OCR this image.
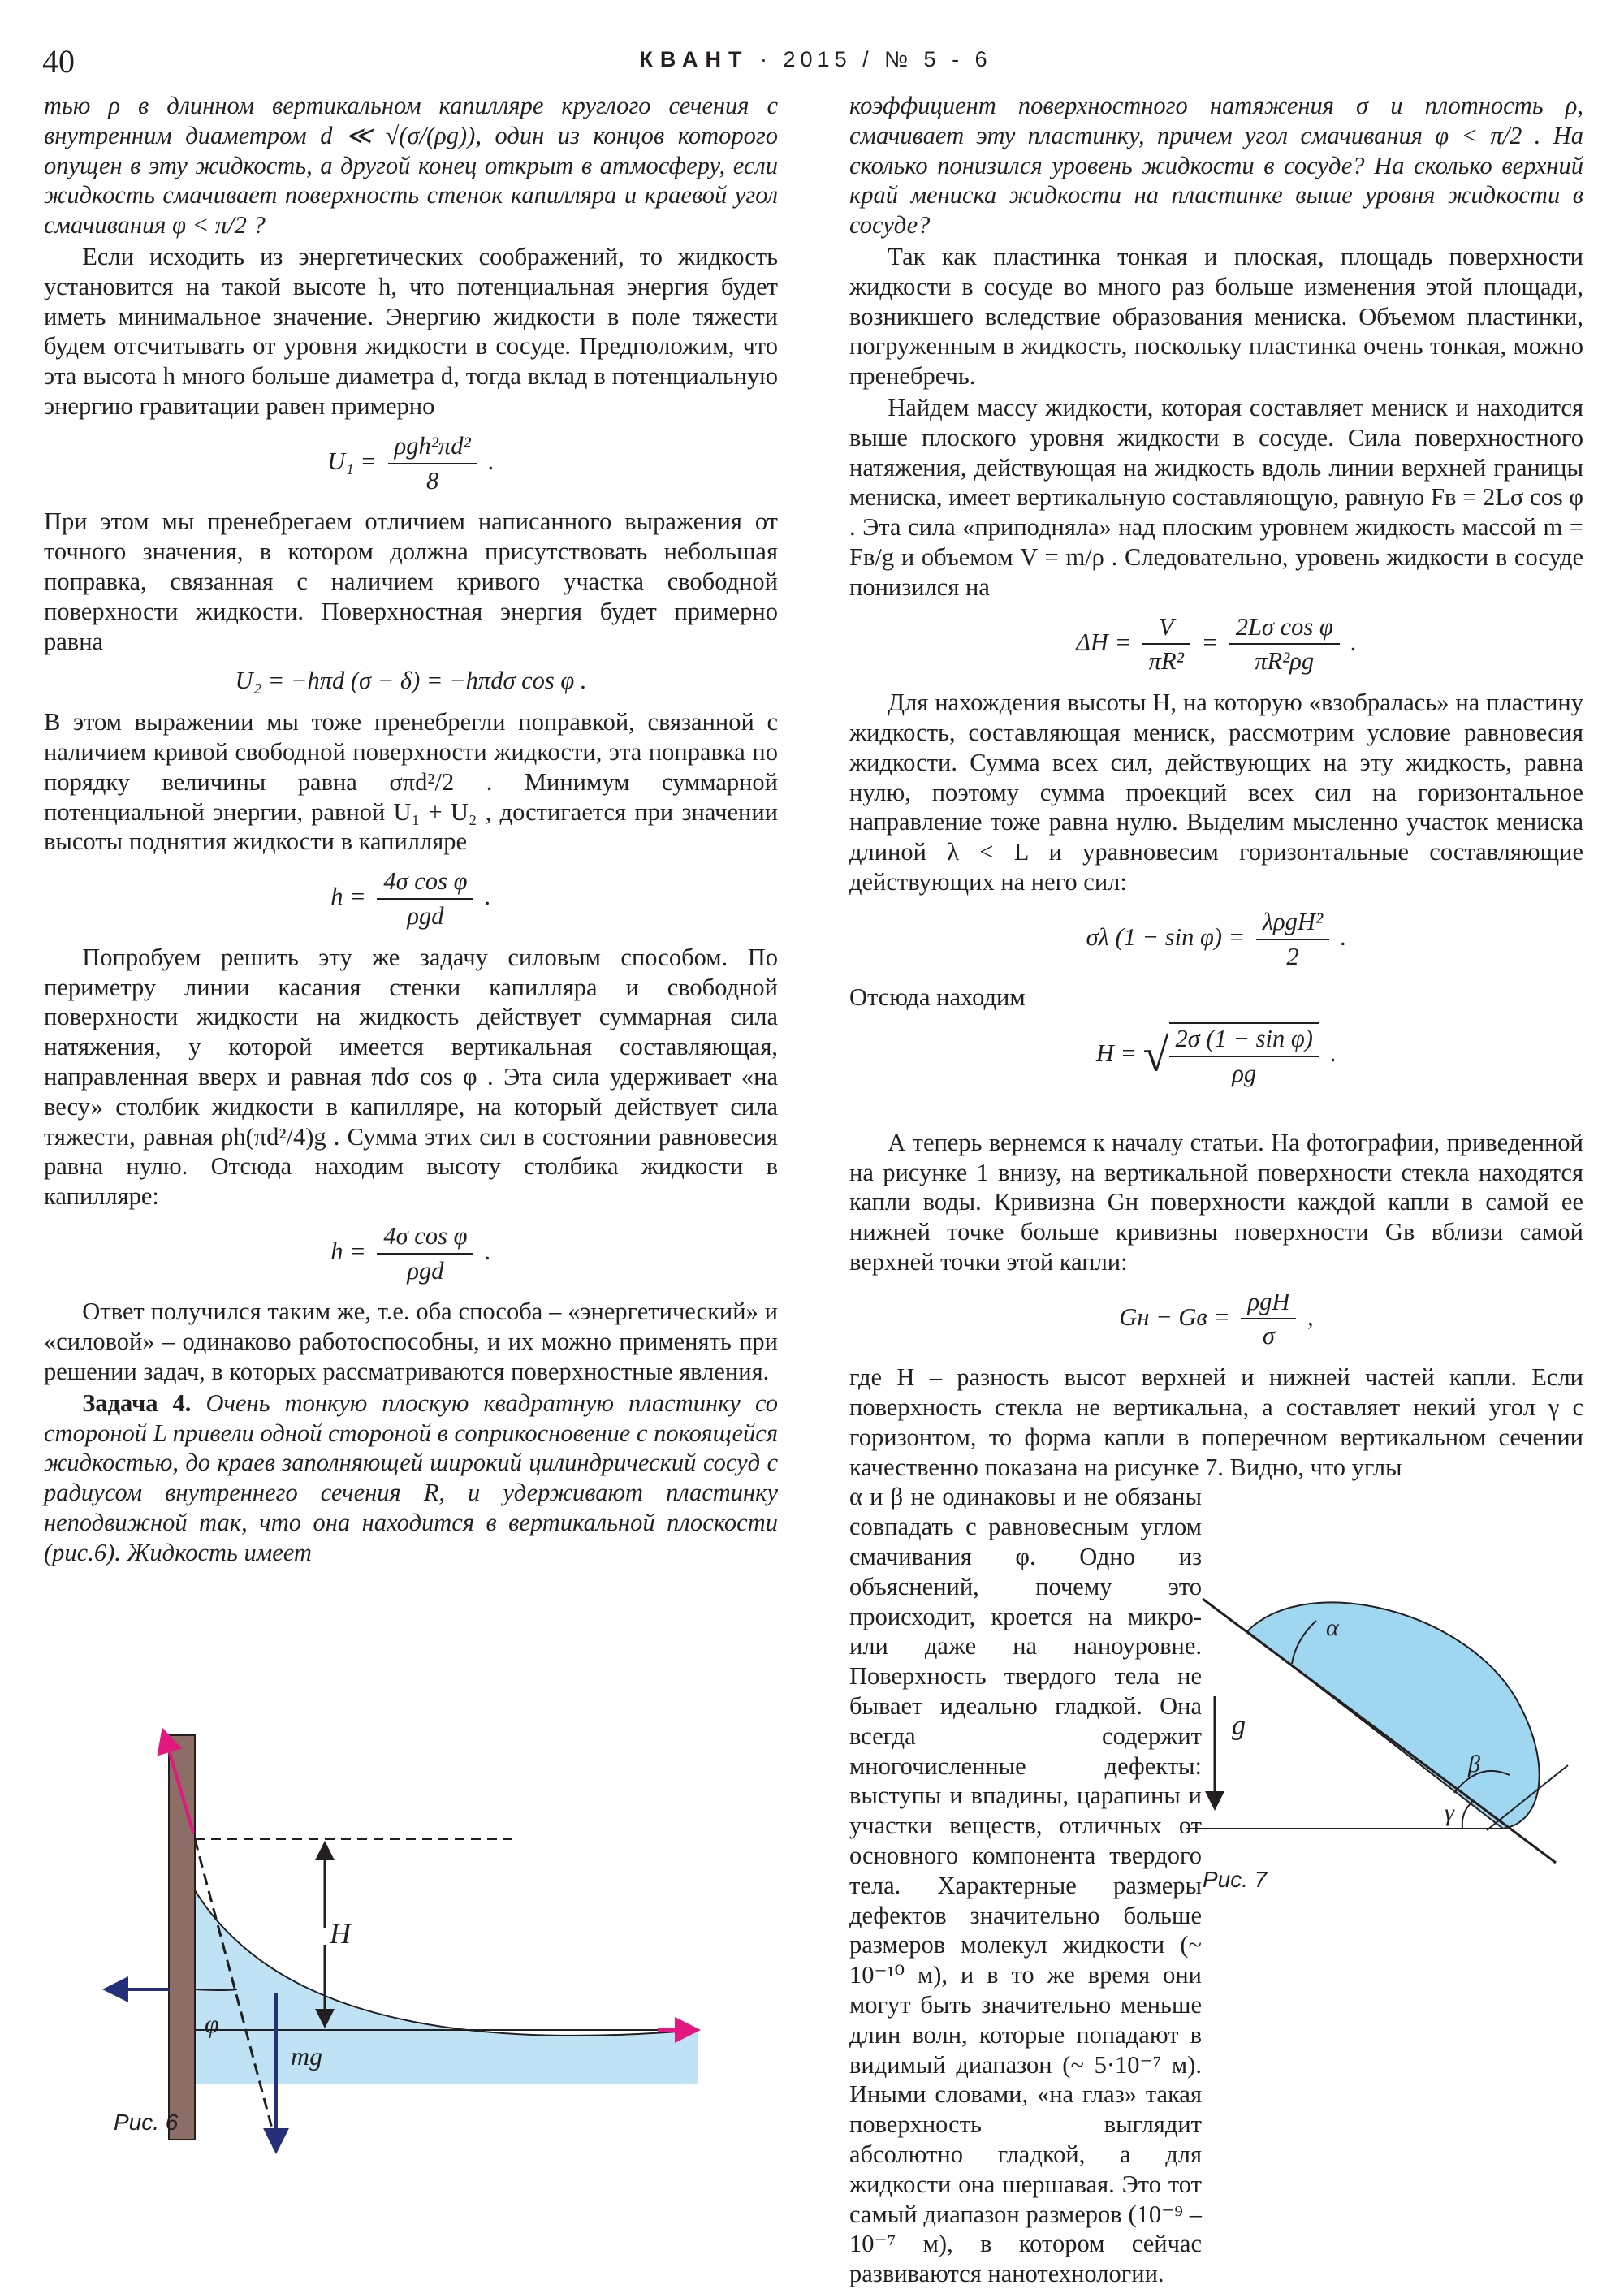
40	КВАНТ · 2015 / № 5 - 6

тью ρ в длинном вертикальном капилляре круглого сечения с внутренним диаметром d ≪ √(σ/(ρg)), один из концов которого опущен в эту жидкость, а другой конец открыт в атмосферу, если жидкость смачивает поверхность стенок капилляра и краевой угол смачивания φ < π/2 ?

Если исходить из энергетических соображений, то жидкость установится на такой высоте h, что потенциальная энергия будет иметь минимальное значение. Энергию жидкости в поле тяжести будем отсчитывать от уровня жидкости в сосуде. Предположим, что эта высота h много больше диаметра d, тогда вклад в потенциальную энергию гравитации равен примерно

$U_1 = \frac{\text{ρgh²πd²}}{8}$ .

При этом мы пренебрегаем отличием написанного выражения от точного значения, в котором должна присутствовать небольшая поправка, связанная с наличием кривого участка свободной поверхности жидкости. Поверхностная энергия будет примерно равна

U₂ = −hπd (σ − δ) = −hπdσ cos φ .

В этом выражении мы тоже пренебрегли поправкой, связанной с наличием кривой свободной поверхности жидкости, эта поправка по порядку величины равна σπd²/2 . Минимум суммарной потенциальной энергии, равной U₁ + U₂ , достигается при значении высоты поднятия жидкости в капилляре

$h = \frac{\text{4σ cos φ}}{\text{ρgd}}$ .

Попробуем решить эту же задачу силовым способом. По периметру линии касания стенки капилляра и свободной поверхности жидкости на жидкость действует суммарная сила натяжения, у которой имеется вертикальная составляющая, направленная вверх и равная πdσ cos φ . Эта сила удерживает «на весу» столбик жидкости в капилляре, на который действует сила тяжести, равная ρh(πd²/4)g . Сумма этих сил в состоянии равновесия равна нулю. Отсюда находим высоту столбика жидкости в капилляре:

$h = \frac{\text{4σ cos φ}}{\text{ρgd}}$ .

Ответ получился таким же, т.е. оба способа – «энергетический» и «силовой» – одинаково работоспособны, и их можно применять при решении задач, в которых рассматриваются поверхностные явления.

Задача 4. Очень тонкую плоскую квадратную пластинку со стороной L привели одной стороной в соприкосновение с покоящейся жидкостью, до краев заполняющей широкий цилиндрический сосуд с радиусом внутреннего сечения R, и удерживают пластинку неподвижной так, что она находится в вертикальной плоскости (рис.6). Жидкость имеет

H
φ
mg
Рис. 6

коэффициент поверхностного натяжения σ и плотность ρ, смачивает эту пластинку, причем угол смачивания φ < π/2 . На сколько понизился уровень жидкости в сосуде? На сколько верхний край мениска жидкости на пластинке выше уровня жидкости в сосуде?

Так как пластинка тонкая и плоская, площадь поверхности жидкости в сосуде во много раз больше изменения этой площади, возникшего вследствие образования мениска. Объемом пластинки, погруженным в жидкость, поскольку пластинка очень тонкая, можно пренебречь.

Найдем массу жидкости, которая составляет мениск и находится выше плоского уровня жидкости в сосуде. Сила поверхностного натяжения, действующая на жидкость вдоль линии верхней границы мениска, имеет вертикальную составляющую, равную Fв = 2Lσ cos φ . Эта сила «приподняла» над плоским уровнем жидкость массой m = Fв/g и объемом V = m/ρ . Следовательно, уровень жидкости в сосуде понизился на

$\Delta H = \frac{V}{\text{πR²}} = \frac{\text{2Lσ cos φ}}{\text{πR²ρg}}$ .

Для нахождения высоты H, на которую «взобралась» на пластину жидкость, составляющая мениск, рассмотрим условие равновесия жидкости. Сумма всех сил, действующих на эту жидкость, равна нулю, поэтому сумма проекций всех сил на горизонтальное направление тоже равна нулю. Выделим мысленно участок мениска длиной λ < L и уравновесим горизонтальные составляющие действующих на него сил:

σλ $(1 - \sin \varphi) = \frac{\text{λρgH²}}{2}$ .

Отсюда находим

H = √ $\frac{\text{2σ (1 − sin φ)}}{\rho g}$ .

А теперь вернемся к началу статьи. На фотографии, приведенной на рисунке 1 внизу, на вертикальной поверхности стекла находятся капли воды. Кривизна Gн поверхности каждой капли в самой ее нижней точке больше кривизны поверхности Gв вблизи самой верхней точки этой капли:

Gн − Gв = $\frac{\text{ρgH}}{\sigma}$ ,

где H – разность высот верхней и нижней частей капли. Если поверхность стекла не вертикальна, а составляет некий угол γ с горизонтом, то форма капли в поперечном вертикальном сечении качественно показана на рисунке 7. Видно, что углы

g
α
β
γ
Рис. 7

α и β не одинаковы и не обязаны совпадать с равновесным углом смачивания φ. Одно из объяснений, почему это происходит, кроется на микро- или даже на наноуровне. Поверхность твердого тела не бывает идеально гладкой. Она всегда содержит многочисленные дефекты: выступы и впадины, царапины и участки веществ, отличных от основного компонента твердого тела. Характерные размеры дефектов значительно больше размеров молекул жидкости (~ 10⁻¹⁰ м), и в то же время они могут быть значительно меньше длин волн, которые попадают в видимый диапазон (~ 5·10⁻⁷ м). Иными словами, «на глаз» такая поверхность выглядит абсолютно гладкой, а для жидкости она шершавая. Это тот самый диапазон размеров (10⁻⁹ – 10⁻⁷ м), в котором сейчас развиваются нанотехнологии.
